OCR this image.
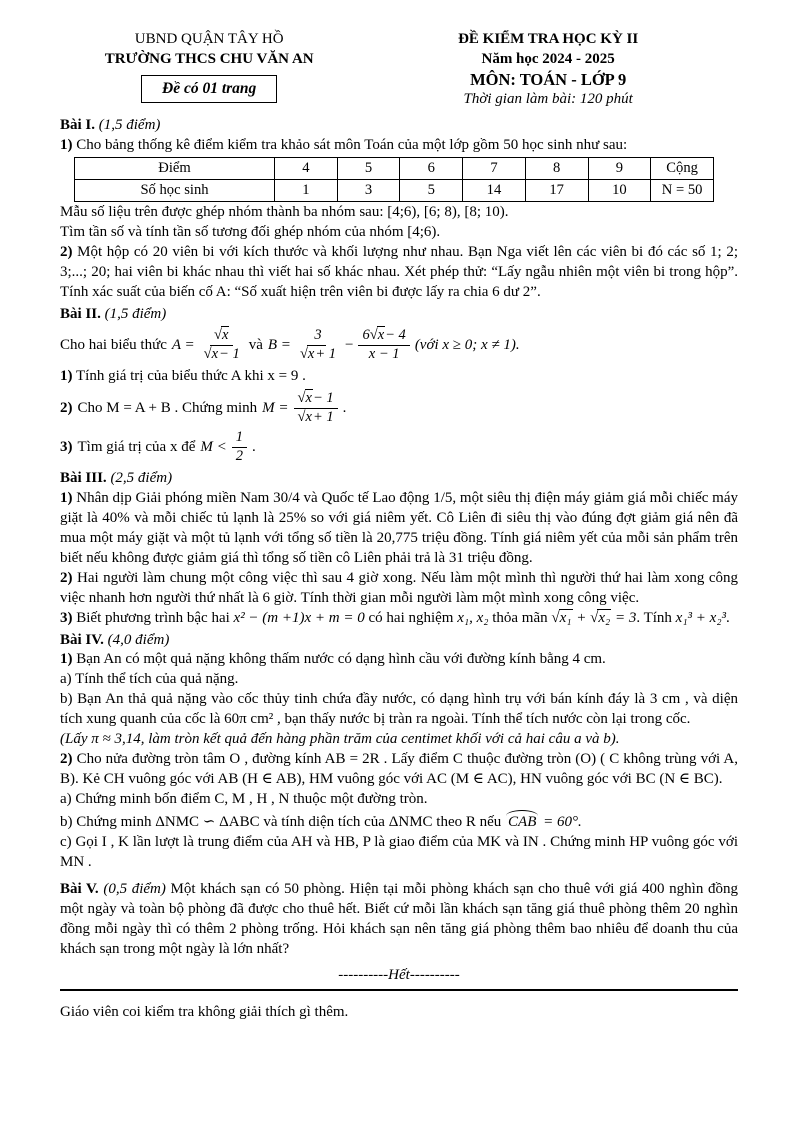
UBND QUẬN TÂY HỒ
TRƯỜNG THCS CHU VĂN AN
Đề có 01 trang
ĐỀ KIỂM TRA HỌC KỲ II
Năm học 2024 - 2025
MÔN: TOÁN - LỚP 9
Thời gian làm bài: 120 phút

Bài I. (1,5 điểm)

1) Cho bảng thống kê điểm kiểm tra khảo sát môn Toán của một lớp gồm 50 học sinh như sau:

Điểm	4	5	6	7	8	9	Cộng
Số học sinh	1	3	5	14	17	10	N = 50

Mẫu số liệu trên được ghép nhóm thành ba nhóm sau: [4;6), [6; 8), [8; 10).

Tìm tần số và tính tần số tương đối ghép nhóm của nhóm [4;6).

2) Một hộp có 20 viên bi với kích thước và khối lượng như nhau. Bạn Nga viết lên các viên bi đó các số 1; 2; 3;...; 20; hai viên bi khác nhau thì viết hai số khác nhau. Xét phép thử: “Lấy ngẫu nhiên một viên bi trong hộp”. Tính xác suất của biến cố A: “Số xuất hiện trên viên bi được lấy ra chia 6 dư 2”.

Bài II. (1,5 điểm)

Cho hai biểu thức $A = \frac{√x}{√x- 1}$ và $B = \frac{3}{√x+ 1} - \frac{6√x- 4}{x - 1}$ (với x ≥ 0; x ≠ 1).

1) Tính giá trị của biểu thức A khi x = 9 .

2) Cho M = A + B . Chứng minh $M = \frac{√x- 1}{√x+ 1}$ .
3) Tìm giá trị của x để $M < \frac{1}{2}$ .

Bài III. (2,5 điểm)

1) Nhân dịp Giải phóng miền Nam 30/4 và Quốc tế Lao động 1/5, một siêu thị điện máy giảm giá mỗi chiếc máy giặt là 40% và mỗi chiếc tủ lạnh là 25% so với giá niêm yết. Cô Liên đi siêu thị vào đúng đợt giảm giá nên đã mua một máy giặt và một tủ lạnh với tổng số tiền là 20,775 triệu đồng. Tính giá niêm yết của mỗi sản phẩm trên biết nếu không được giảm giá thì tổng số tiền cô Liên phải trả là 31 triệu đồng.

2) Hai người làm chung một công việc thì sau 4 giờ xong. Nếu làm một mình thì người thứ hai làm xong công việc nhanh hơn người thứ nhất là 6 giờ. Tính thời gian mỗi người làm một mình xong công việc.

3) Biết phương trình bậc hai x² − (m +1)x + m = 0 có hai nghiệm x₁, x₂ thỏa mãn √x₁ + √x₂ = 3. Tính x₁³ + x₂³.

Bài IV. (4,0 điểm)

1) Bạn An có một quả nặng không thấm nước có dạng hình cầu với đường kính bằng 4 cm.

a) Tính thể tích của quả nặng.

b) Bạn An thả quả nặng vào cốc thủy tinh chứa đầy nước, có dạng hình trụ với bán kính đáy là 3 cm , và diện tích xung quanh của cốc là 60π cm² , bạn thấy nước bị tràn ra ngoài. Tính thể tích nước còn lại trong cốc.

(Lấy π ≈ 3,14, làm tròn kết quả đến hàng phần trăm của centimet khối với cả hai câu a và b).

2) Cho nửa đường tròn tâm O , đường kính AB = 2R . Lấy điểm C thuộc đường tròn (O) ( C không trùng với A, B). Kẻ CH vuông góc với AB (H ∈ AB), HM vuông góc với AC (M ∈ AC), HN vuông góc với BC (N ∈ BC).

a) Chứng minh bốn điểm C, M , H , N thuộc một đường tròn.

b) Chứng minh ΔNMC ∽ ΔABC và tính diện tích của ΔNMC theo R nếu CAB = 60°.

c) Gọi I , K lần lượt là trung điểm của AH và HB, P là giao điểm của MK và IN . Chứng minh HP vuông góc với MN .

Bài V. (0,5 điểm) Một khách sạn có 50 phòng. Hiện tại mỗi phòng khách sạn cho thuê với giá 400 nghìn đồng một ngày và toàn bộ phòng đã được cho thuê hết. Biết cứ mỗi lần khách sạn tăng giá thuê phòng thêm 20 nghìn đồng mỗi ngày thì có thêm 2 phòng trống. Hỏi khách sạn nên tăng giá phòng thêm bao nhiêu để doanh thu của khách sạn trong một ngày là lớn nhất?

----------Hết----------

Giáo viên coi kiểm tra không giải thích gì thêm.
